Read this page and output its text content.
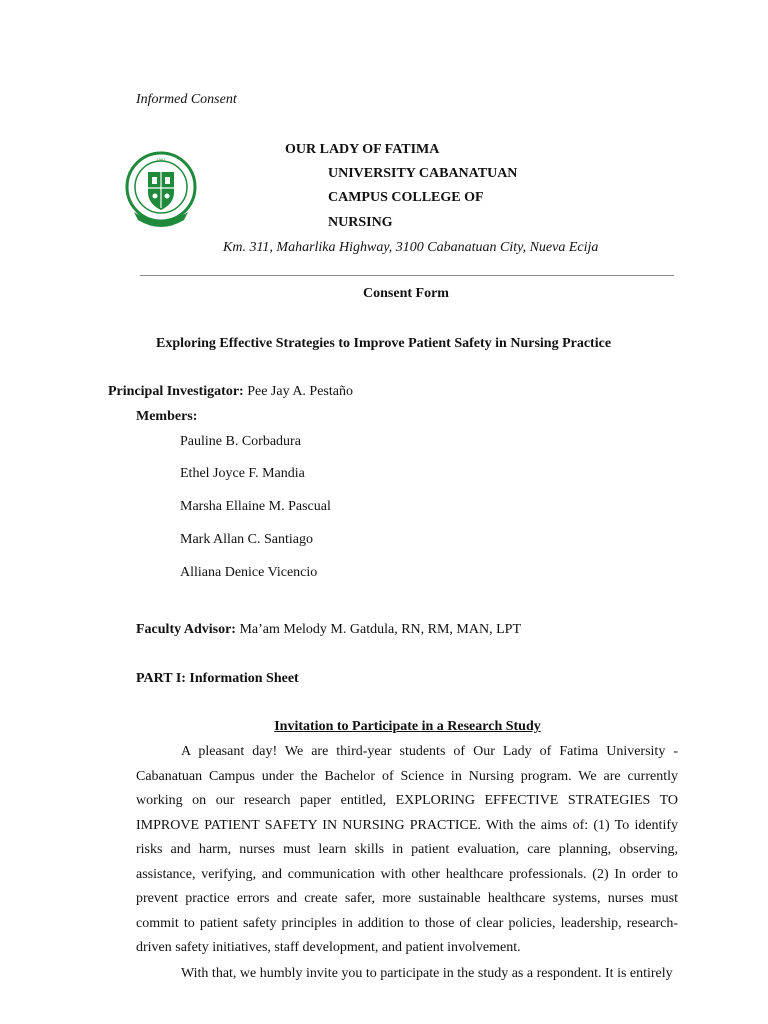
Informed Consent
1967
OUR LADY OF FATIMA
UNIVERSITY CABANATUAN
CAMPUS COLLEGE OF
NURSING
Km. 311, Maharlika Highway, 3100 Cabanatuan City, Nueva Ecija
Consent Form
Exploring Effective Strategies to Improve Patient Safety in Nursing Practice
Principal Investigator: Pee Jay A. Pestaño
Members:
Pauline B. Corbadura
Ethel Joyce F. Mandia
Marsha Ellaine M. Pascual
Mark Allan C. Santiago
Alliana Denice Vicencio
Faculty Advisor: Ma’am Melody M. Gatdula, RN, RM, MAN, LPT
PART I: Information Sheet
Invitation to Participate in a Research Study
A pleasant day! We are third-year students of Our Lady of Fatima University - Cabanatuan Campus under the Bachelor of Science in Nursing program. We are currently working on our research paper entitled, EXPLORING EFFECTIVE STRATEGIES TO IMPROVE PATIENT SAFETY IN NURSING PRACTICE. With the aims of: (1) To identify risks and harm, nurses must learn skills in patient evaluation, care planning, observing, assistance, verifying, and communication with other healthcare professionals. (2) In order to prevent practice errors and create safer, more sustainable healthcare systems, nurses must commit to patient safety principles in addition to those of clear policies, leadership, research-driven safety initiatives, staff development, and patient involvement.
With that, we humbly invite you to participate in the study as a respondent. It is entirely
